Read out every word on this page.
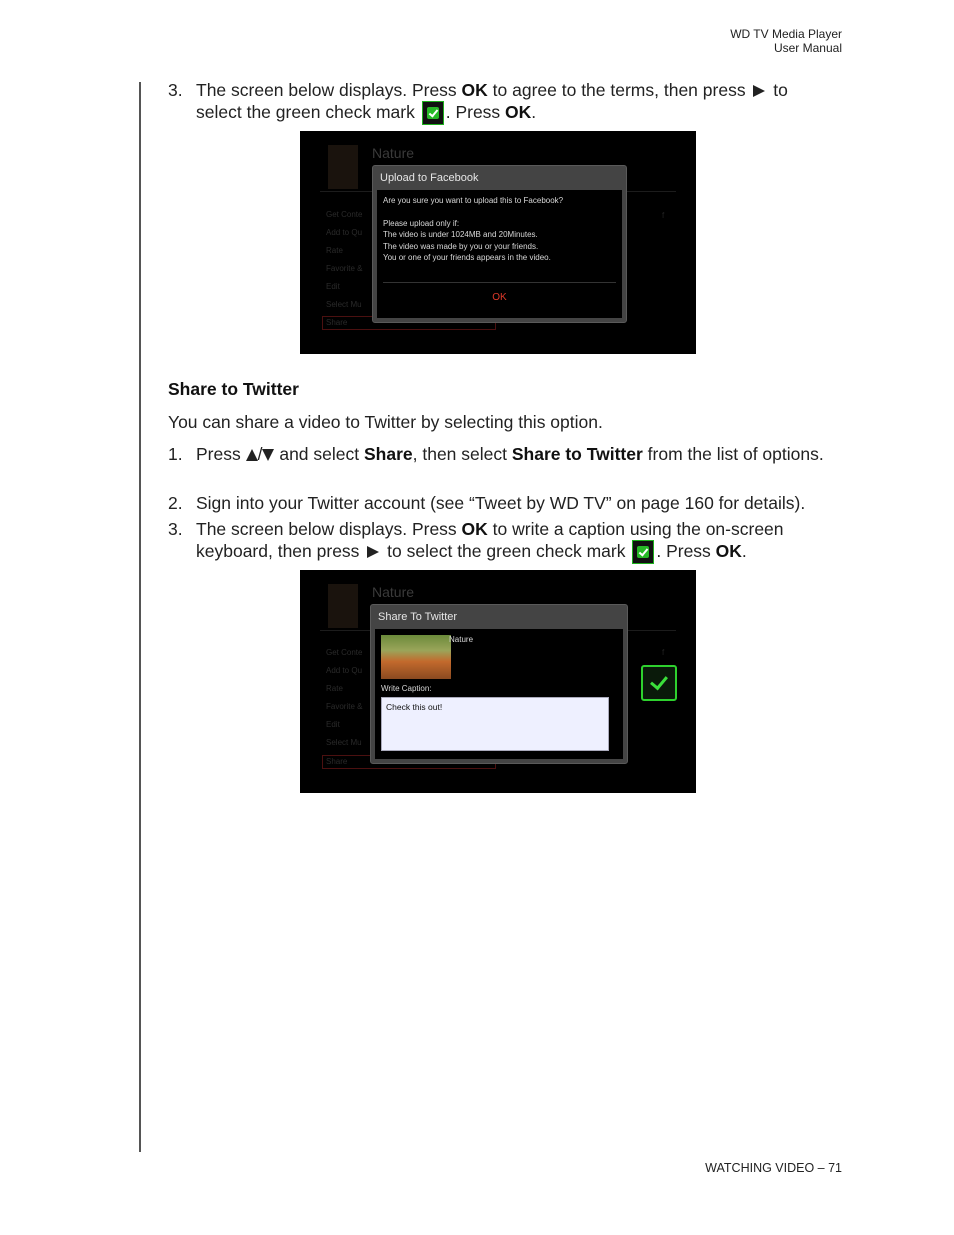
WD TV Media Player
User Manual
3. The screen below displays. Press OK to agree to the terms, then press  to select the green check mark
. Press OK.
Nature
Get Conte
Add to Qu
Rate
Favorite &
Edit
Select Mu
Share
f
Upload to Facebook
Are you sure you want to upload this to Facebook?
Please upload only if:
The video is under 1024MB and 20Minutes.
The video was made by you or your friends.
You or one of your friends appears in the video.
OK
Share to Twitter
You can share a video to Twitter by selecting this option.
1. Press / and select Share, then select Share to Twitter from the list of options.
2. Sign into your Twitter account (see “Tweet by WD TV” on page 160 for details).
3. The screen below displays. Press OK to write a caption using the on-screen keyboard, then press  to select the green check mark
. Press OK.
Nature
Get Conte
Add to Qu
Rate
Favorite &
Edit
Select Mu
Share
f
Share To Twitter
Nature
Write Caption:
Check this out!
WATCHING VIDEO – 71
